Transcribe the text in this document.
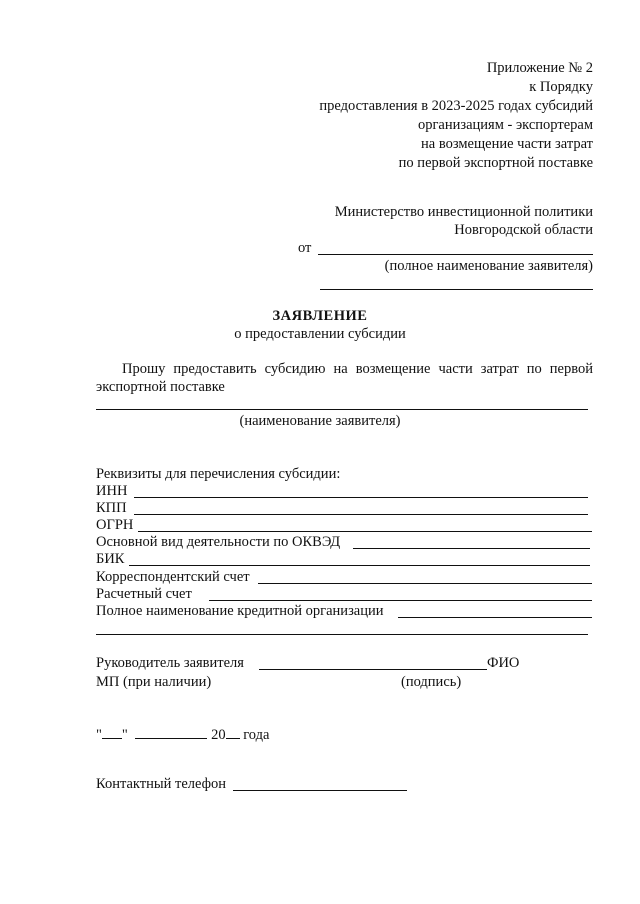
Приложение № 2
к Порядку
предоставления в 2023-2025 годах субсидий
организациям - экспортерам
на возмещение части затрат
по первой экспортной поставке
Министерство инвестиционной политики
Новгородской области
от
(полное наименование заявителя)
ЗАЯВЛЕНИЕ
о предоставлении субсидии
Прошу предоставить субсидию на возмещение части затрат по первой экспортной поставке
(наименование заявителя)
Реквизиты для перечисления субсидии:
ИНН
КПП
ОГРН
Основной вид деятельности по ОКВЭД
БИК
Корреспондентский счет
Расчетный счет
Полное наименование кредитной организации
Руководитель заявителя	ФИО
МП (при наличии)	(подпись)
" "	20 года
Контактный телефон
